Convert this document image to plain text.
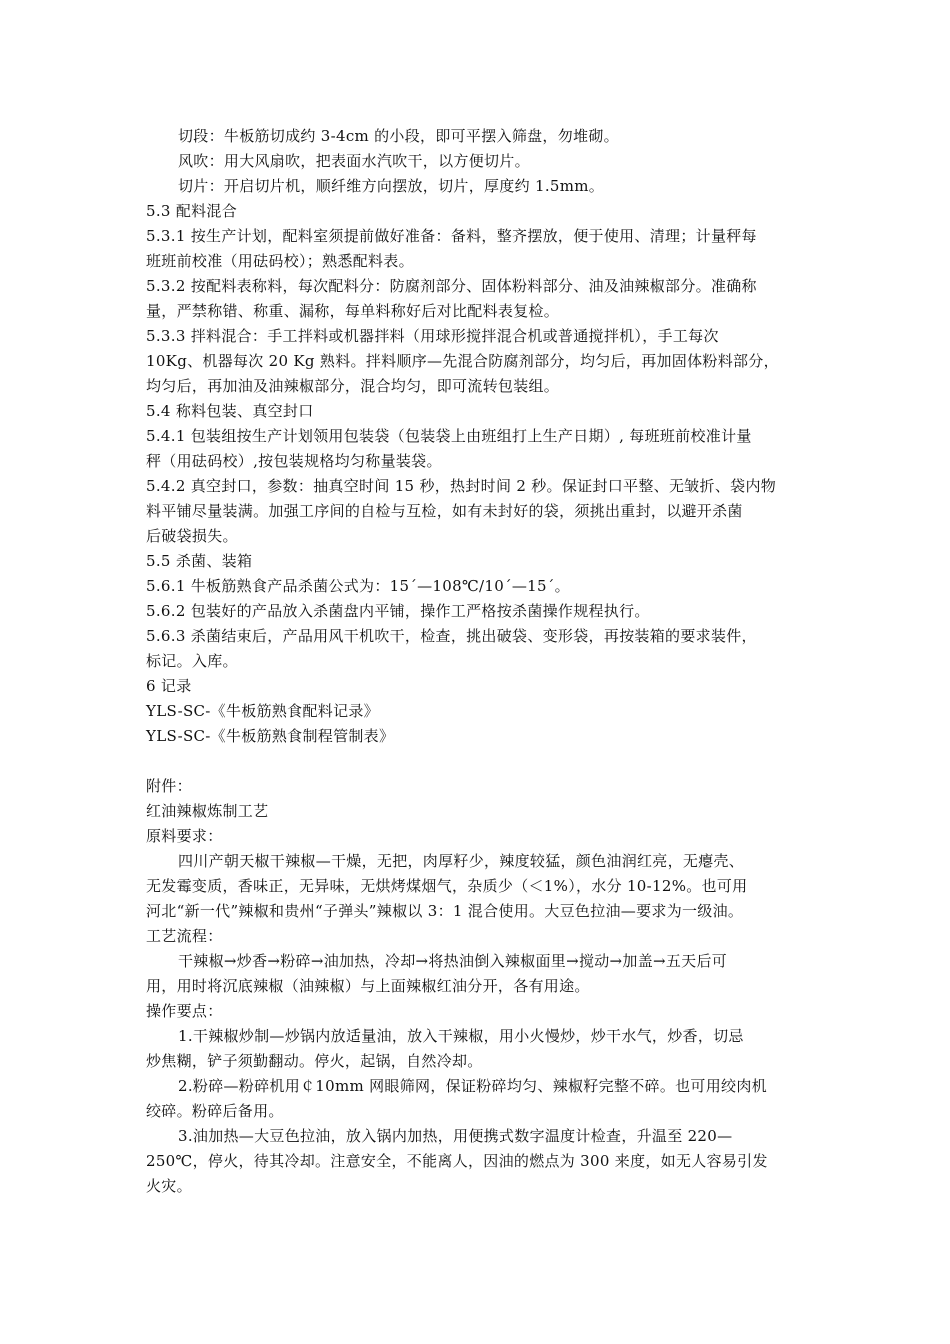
切段：牛板筋切成约 3-4cm 的小段，即可平摆入筛盘，勿堆砌。
风吹：用大风扇吹，把表面水汽吹干，以方便切片。
切片：开启切片机，顺纤维方向摆放，切片，厚度约 1.5mm。
5.3 配料混合
5.3.1 按生产计划，配料室须提前做好准备：备料，整齐摆放，便于使用、清理；计量秤每
班班前校准（用砝码校）；熟悉配料表。
5.3.2 按配料表称料，每次配料分：防腐剂部分、固体粉料部分、油及油辣椒部分。准确称
量，严禁称错、称重、漏称，每单料称好后对比配料表复检。
5.3.3 拌料混合：手工拌料或机器拌料（用球形搅拌混合机或普通搅拌机），手工每次
10Kg、机器每次 20 Kg 熟料。拌料顺序—先混合防腐剂部分，均匀后，再加固体粉料部分，
均匀后，再加油及油辣椒部分，混合均匀，即可流转包装组。
5.4 称料包装、真空封口
5.4.1 包装组按生产计划领用包装袋（包装袋上由班组打上生产日期）, 每班班前校准计量
秤（用砝码校）,按包装规格均匀称量装袋。
5.4.2 真空封口，参数：抽真空时间 15 秒，热封时间 2 秒。保证封口平整、无皱折、袋内物
料平铺尽量装满。加强工序间的自检与互检，如有未封好的袋，须挑出重封，以避开杀菌
后破袋损失。
5.5 杀菌、装箱
5.6.1 牛板筋熟食产品杀菌公式为：15ˊ—108℃/10ˊ—15ˊ。
5.6.2 包装好的产品放入杀菌盘内平铺，操作工严格按杀菌操作规程执行。
5.6.3 杀菌结束后，产品用风干机吹干，检查，挑出破袋、变形袋，再按装箱的要求装件，
标记。入库。
6 记录
YLS-SC-《牛板筋熟食配料记录》
YLS-SC-《牛板筋熟食制程管制表》
附件：
红油辣椒炼制工艺
原料要求：
四川产朝天椒干辣椒—干燥，无把，肉厚籽少，辣度较猛，颜色油润红亮，无瘪壳、
无发霉变质，香味正，无异味，无烘烤煤烟气，杂质少（＜1%），水分 10-12%。也可用
河北“新一代”辣椒和贵州“子弹头”辣椒以 3：1 混合使用。大豆色拉油—要求为一级油。
工艺流程：
干辣椒→炒香→粉碎→油加热，冷却→将热油倒入辣椒面里→搅动→加盖→五天后可
用，用时将沉底辣椒（油辣椒）与上面辣椒红油分开，各有用途。
操作要点：
1.干辣椒炒制—炒锅内放适量油，放入干辣椒，用小火慢炒，炒干水气，炒香，切忌
炒焦糊，铲子须勤翻动。停火，起锅，自然冷却。
2.粉碎—粉碎机用￠10mm 网眼筛网，保证粉碎均匀、辣椒籽完整不碎。也可用绞肉机
绞碎。粉碎后备用。
3.油加热—大豆色拉油，放入锅内加热，用便携式数字温度计检查，升温至 220—
250℃，停火，待其冷却。注意安全，不能离人，因油的燃点为 300 来度，如无人容易引发
火灾。
